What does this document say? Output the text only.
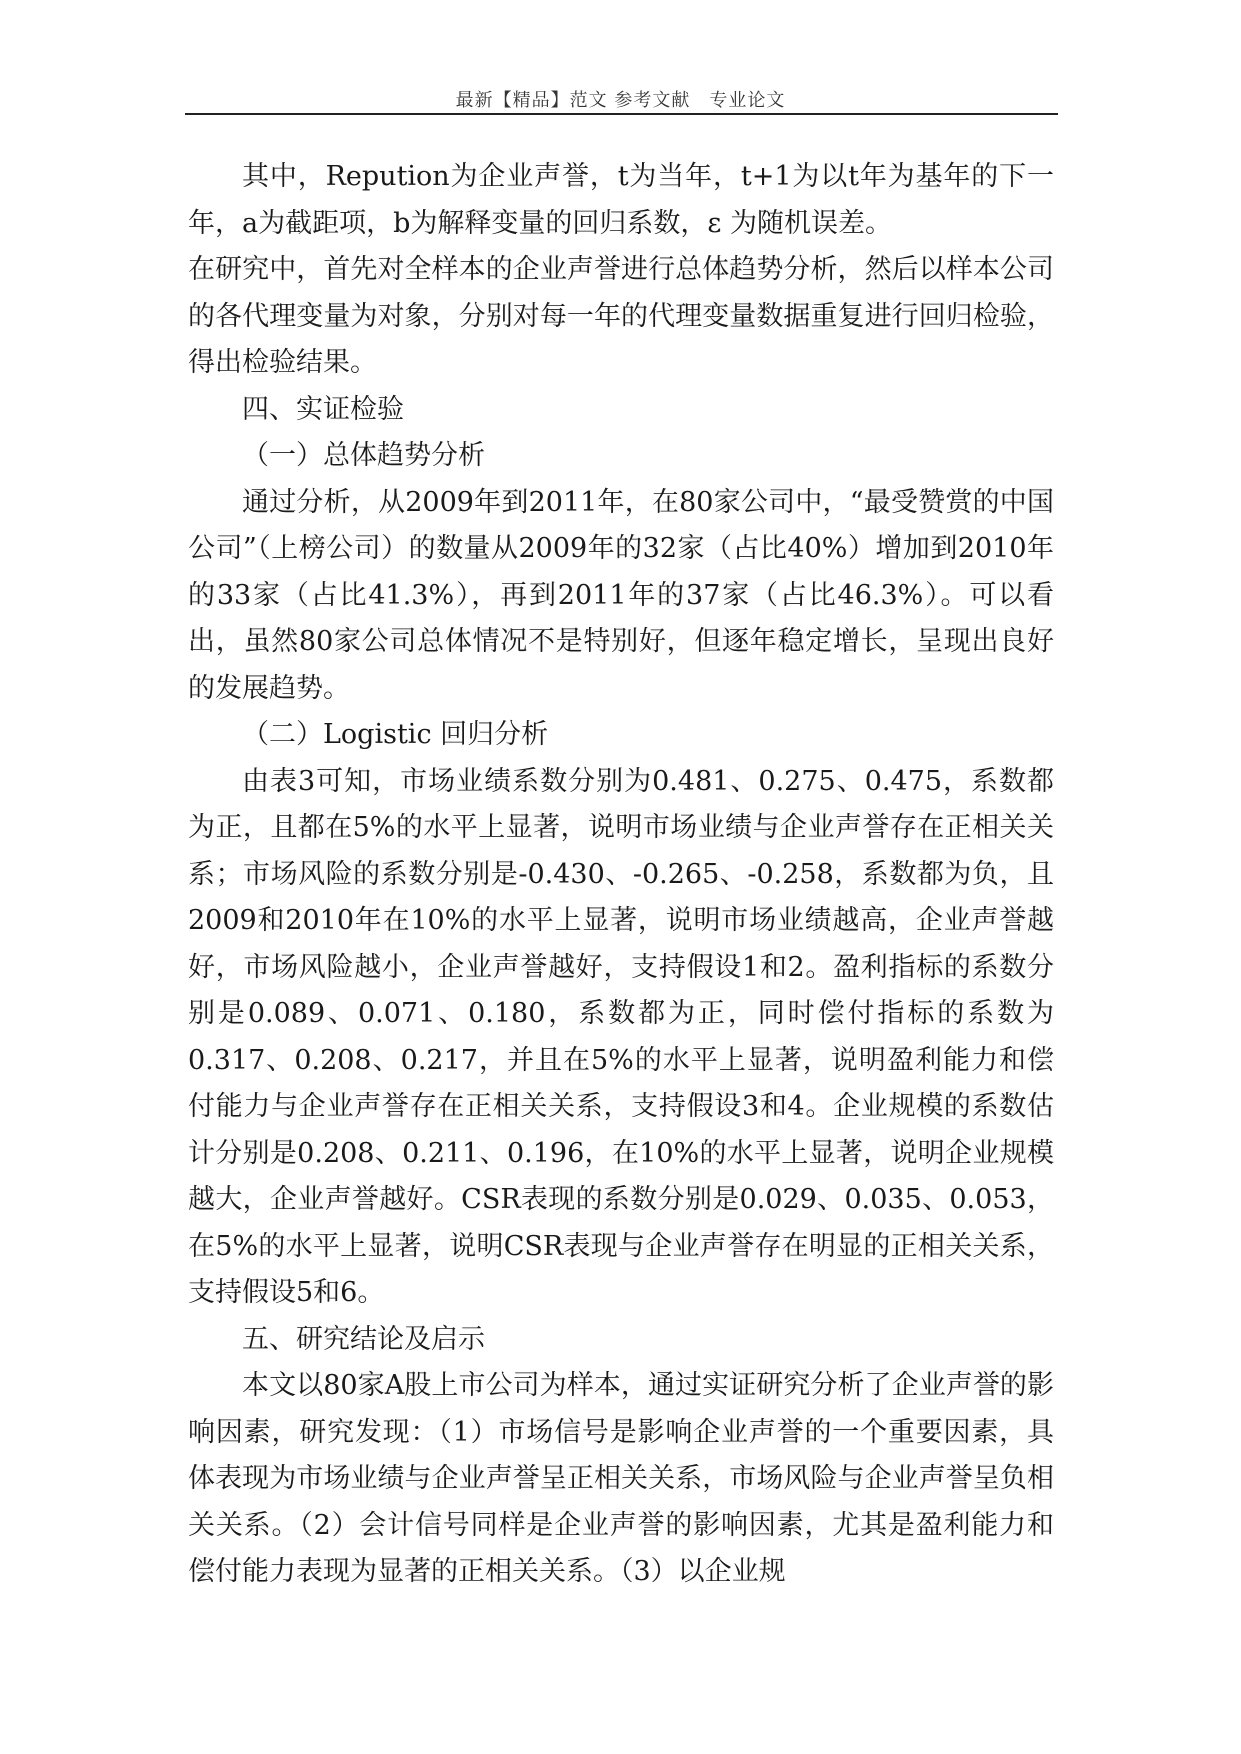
最新【精品】范文 参考文献　专业论文

其中，Repution为企业声誉，t为当年，t+1为以t年为基年的下一年，a为截距项，b为解释变量的回归系数，ε 为随机误差。

在研究中，首先对全样本的企业声誉进行总体趋势分析，然后以样本公司的各代理变量为对象，分别对每一年的代理变量数据重复进行回归检验，得出检验结果。

四、实证检验

（一）总体趋势分析

通过分析，从2009年到2011年，在80家公司中，“最受赞赏的中国公司”（上榜公司）的数量从2009年的32家（占比40%）增加到2010年的33家（占比41.3%），再到2011年的37家（占比46.3%）。可以看出，虽然80家公司总体情况不是特别好，但逐年稳定增长，呈现出良好的发展趋势。

（二）Logistic 回归分析

由表3可知，市场业绩系数分别为0.481、0.275、0.475，系数都为正，且都在5%的水平上显著，说明市场业绩与企业声誉存在正相关关系；市场风险的系数分别是-0.430、-0.265、-0.258，系数都为负，且2009和2010年在10%的水平上显著，说明市场业绩越高，企业声誉越好，市场风险越小，企业声誉越好，支持假设1和2。盈利指标的系数分别是0.089、0.071、0.180，系数都为正，同时偿付指标的系数为0.317、0.208、0.217，并且在5%的水平上显著，说明盈利能力和偿付能力与企业声誉存在正相关关系，支持假设3和4。企业规模的系数估计分别是0.208、0.211、0.196，在10%的水平上显著，说明企业规模越大，企业声誉越好。CSR表现的系数分别是0.029、0.035、0.053，在5%的水平上显著，说明CSR表现与企业声誉存在明显的正相关关系，支持假设5和6。

五、研究结论及启示

本文以80家A股上市公司为样本，通过实证研究分析了企业声誉的影响因素，研究发现：（1）市场信号是影响企业声誉的一个重要因素，具体表现为市场业绩与企业声誉呈正相关关系，市场风险与企业声誉呈负相关关系。（2）会计信号同样是企业声誉的影响因素，尤其是盈利能力和偿付能力表现为显著的正相关关系。（3）以企业规
